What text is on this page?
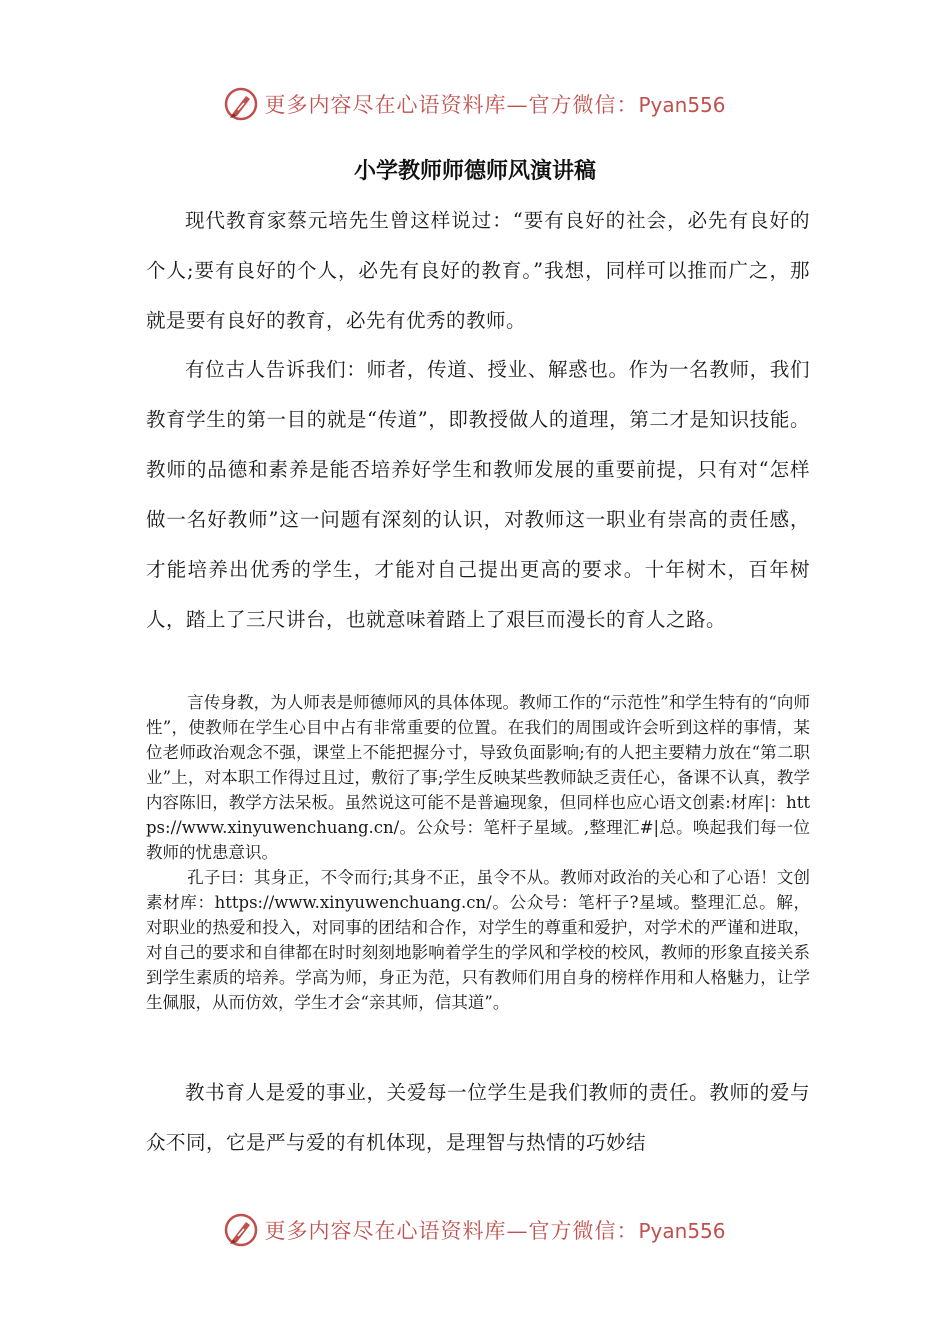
更多内容尽在心语资料库—官方微信：Pyan556
小学教师师德师风演讲稿

现代教育家蔡元培先生曾这样说过：“要有良好的社会，必先有良好的个人;要有良好的个人，必先有良好的教育。”我想，同样可以推而广之，那就是要有良好的教育，必先有优秀的教师。

有位古人告诉我们：师者，传道、授业、解惑也。作为一名教师，我们教育学生的第一目的就是“传道”，即教授做人的道理，第二才是知识技能。教师的品德和素养是能否培养好学生和教师发展的重要前提，只有对“怎样做一名好教师”这一问题有深刻的认识，对教师这一职业有崇高的责任感，才能培养出优秀的学生，才能对自己提出更高的要求。十年树木，百年树人，踏上了三尺讲台，也就意味着踏上了艰巨而漫长的育人之路。

言传身教，为人师表是师德师风的具体体现。教师工作的“示范性”和学生特有的“向师性”，使教师在学生心目中占有非常重要的位置。在我们的周围或许会听到这样的事情，某位老师政治观念不强，课堂上不能把握分寸，导致负面影响;有的人把主要精力放在“第二职业”上，对本职工作得过且过，敷衍了事;学生反映某些教师缺乏责任心，备课不认真，教学内容陈旧，教学方法呆板。虽然说这可能不是普遍现象，但同样也应心语文创素:材库|：https://www.xinyuwenchuang.cn/。公众号：笔杆子星域。,整理汇#|总。唤起我们每一位教师的忧患意识。

孔子曰：其身正，不令而行;其身不正，虽令不从。教师对政治的关心和了心语！文创素材库：https://www.xinyuwenchuang.cn/。公众号：笔杆子?星域。整理汇总。解，对职业的热爱和投入，对同事的团结和合作，对学生的尊重和爱护，对学术的严谨和进取，对自己的要求和自律都在时时刻刻地影响着学生的学风和学校的校风，教师的形象直接关系到学生素质的培养。学高为师，身正为范，只有教师们用自身的榜样作用和人格魅力，让学生佩服，从而仿效，学生才会“亲其师，信其道”。

教书育人是爱的事业，关爱每一位学生是我们教师的责任。教师的爱与众不同，它是严与爱的有机体现，是理智与热情的巧妙结

更多内容尽在心语资料库—官方微信：Pyan556
